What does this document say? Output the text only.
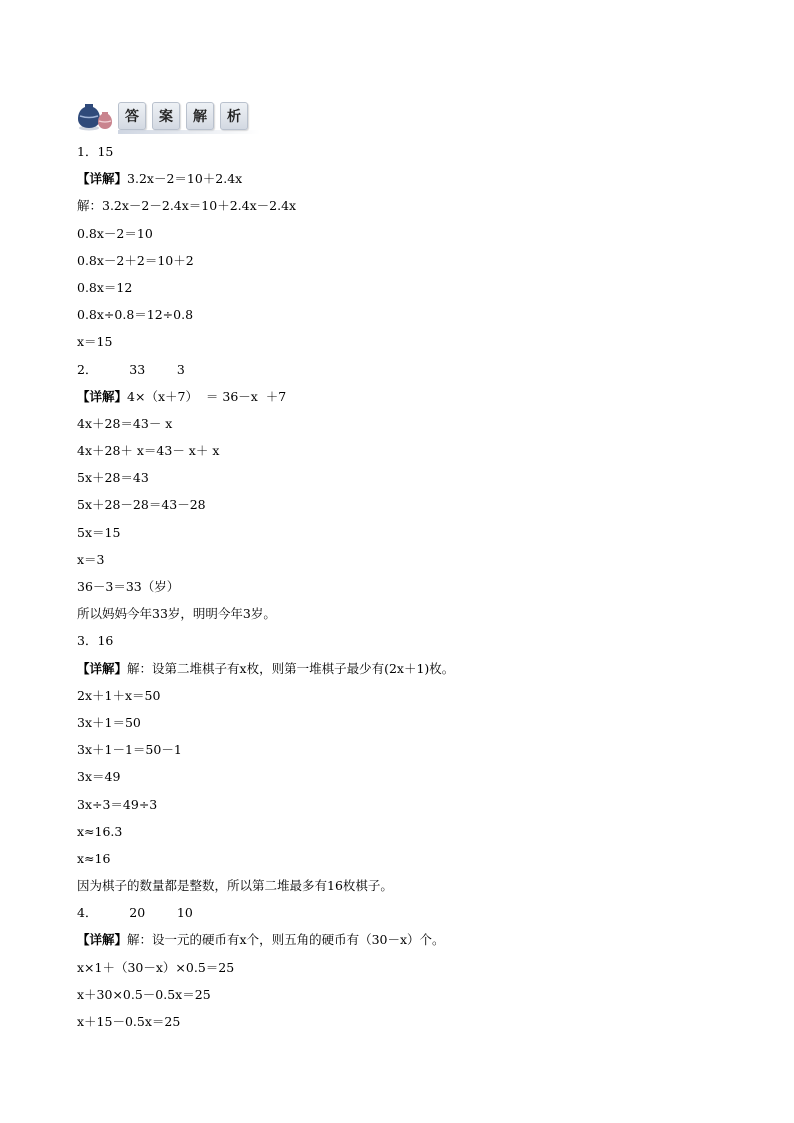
答	案	解	析
1．15
【详解】3.2x－2＝10＋2.4x
解：3.2x－2－2.4x＝10＋2.4x－2.4x
0.8x－2＝10
0.8x－2＋2＝10＋2
0.8x＝12
0.8x÷0.8＝12÷0.8
x＝15
2．        33        3
【详解】4×（x＋7）  ＝ 36－x  ＋7
4x＋28＝43－ x
4x＋28＋ x＝43－ x＋ x
5x＋28＝43
5x＋28－28＝43－28
5x＝15
x＝3
36－3＝33（岁）
所以妈妈今年33岁，明明今年3岁。
3．16
【详解】解：设第二堆棋子有x枚，则第一堆棋子最少有(2x＋1)枚。
2x＋1＋x＝50
3x＋1＝50
3x＋1－1＝50－1
3x＝49
3x÷3＝49÷3
x≈16.3
x≈16
因为棋子的数量都是整数，所以第二堆最多有16枚棋子。
4．        20        10
【详解】解：设一元的硬币有x个，则五角的硬币有（30－x）个。
x×1＋（30－x）×0.5＝25
x＋30×0.5－0.5x＝25
x＋15－0.5x＝25
